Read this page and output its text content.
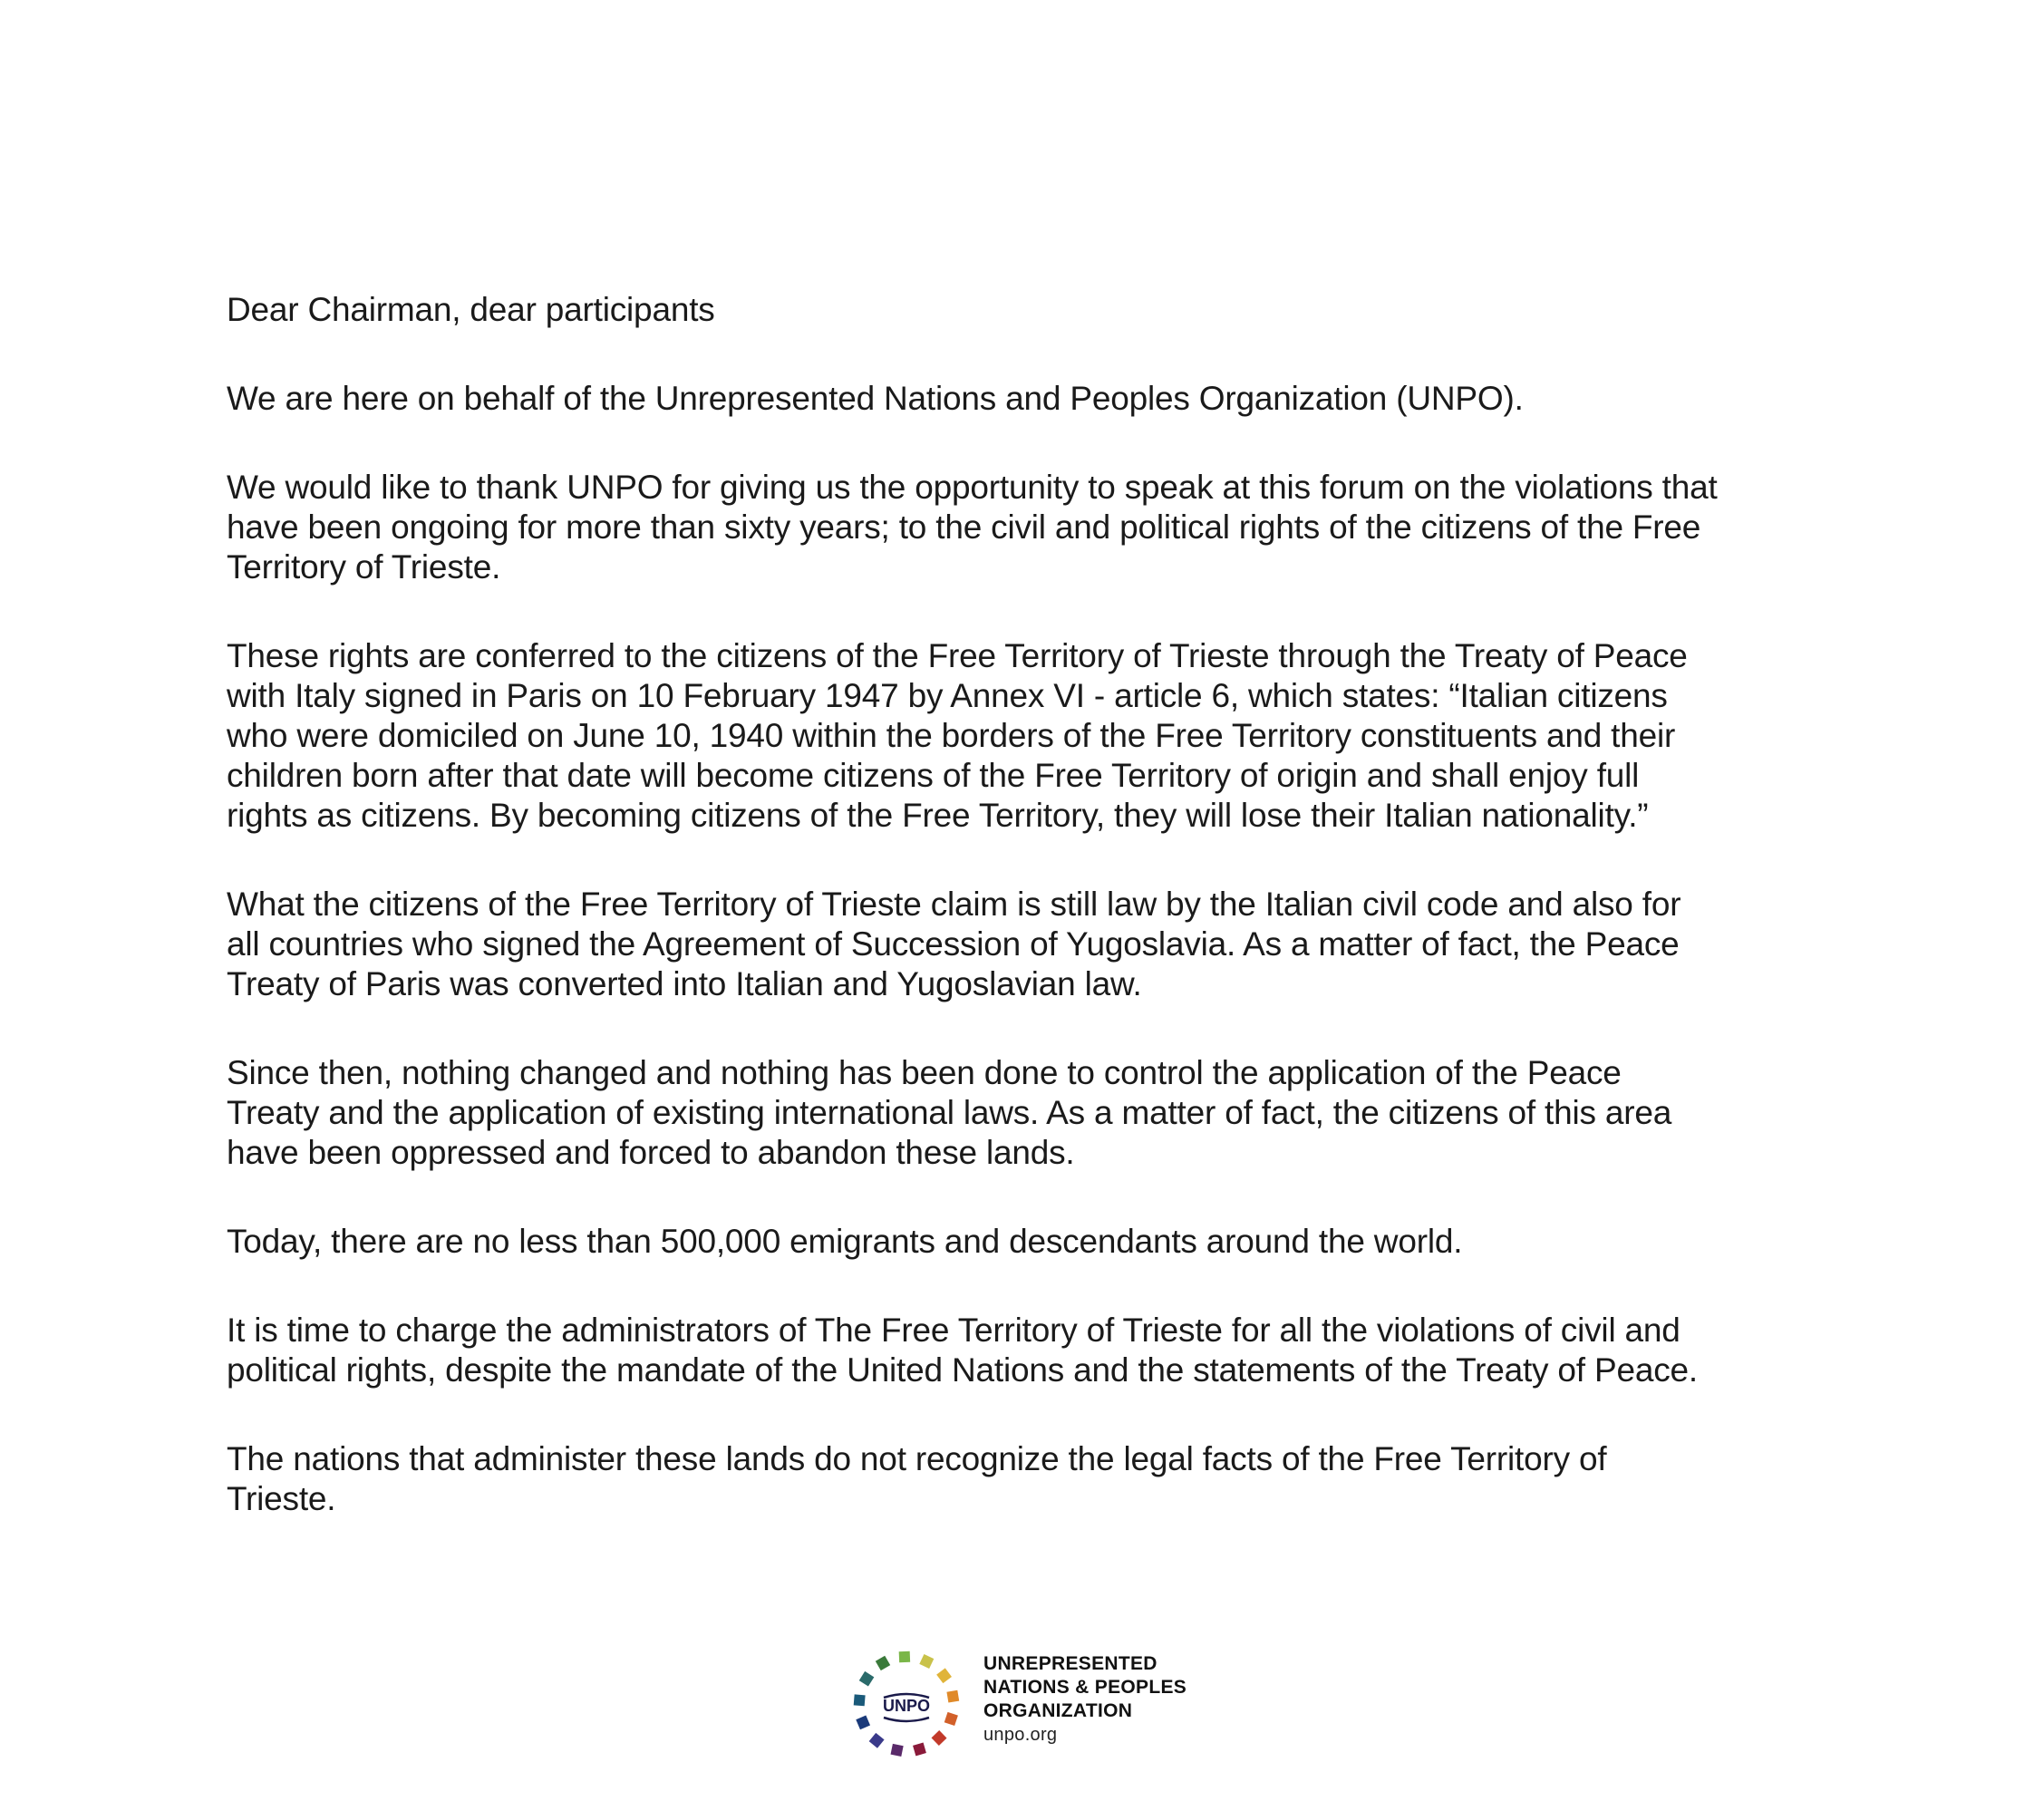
Dear Chairman, dear participants

We are here on behalf of the Unrepresented Nations and Peoples Organization (UNPO).

We would like to thank UNPO for giving us the opportunity to speak at this forum on the violations that
have been ongoing for more than sixty years; to the civil and political rights of the citizens of the Free
Territory of Trieste.

These rights are conferred to the citizens of the Free Territory of Trieste through the Treaty of Peace
with Italy signed in Paris on 10 February 1947 by Annex VI - article 6, which states: “Italian citizens
who were domiciled on June 10, 1940 within the borders of the Free Territory constituents and their
children born after that date will become citizens of the Free Territory of origin and shall enjoy full
rights as citizens. By becoming citizens of the Free Territory, they will lose their Italian nationality.”

What the citizens of the Free Territory of Trieste claim is still law by the Italian civil code and also for
all countries who signed the Agreement of Succession of Yugoslavia. As a matter of fact, the Peace
Treaty of Paris was converted into Italian and Yugoslavian law.

Since then, nothing changed and nothing has been done to control the application of the Peace
Treaty and the application of existing international laws. As a matter of fact, the citizens of this area
have been oppressed and forced to abandon these lands.

Today, there are no less than 500,000 emigrants and descendants around the world.

It is time to charge the administrators of The Free Territory of Trieste for all the violations of civil and
political rights, despite the mandate of the United Nations and the statements of the Treaty of Peace.

The nations that administer these lands do not recognize the legal facts of the Free Territory of
Trieste.

UNPO
UNREPRESENTED
NATIONS & PEOPLES
ORGANIZATION
unpo.org
